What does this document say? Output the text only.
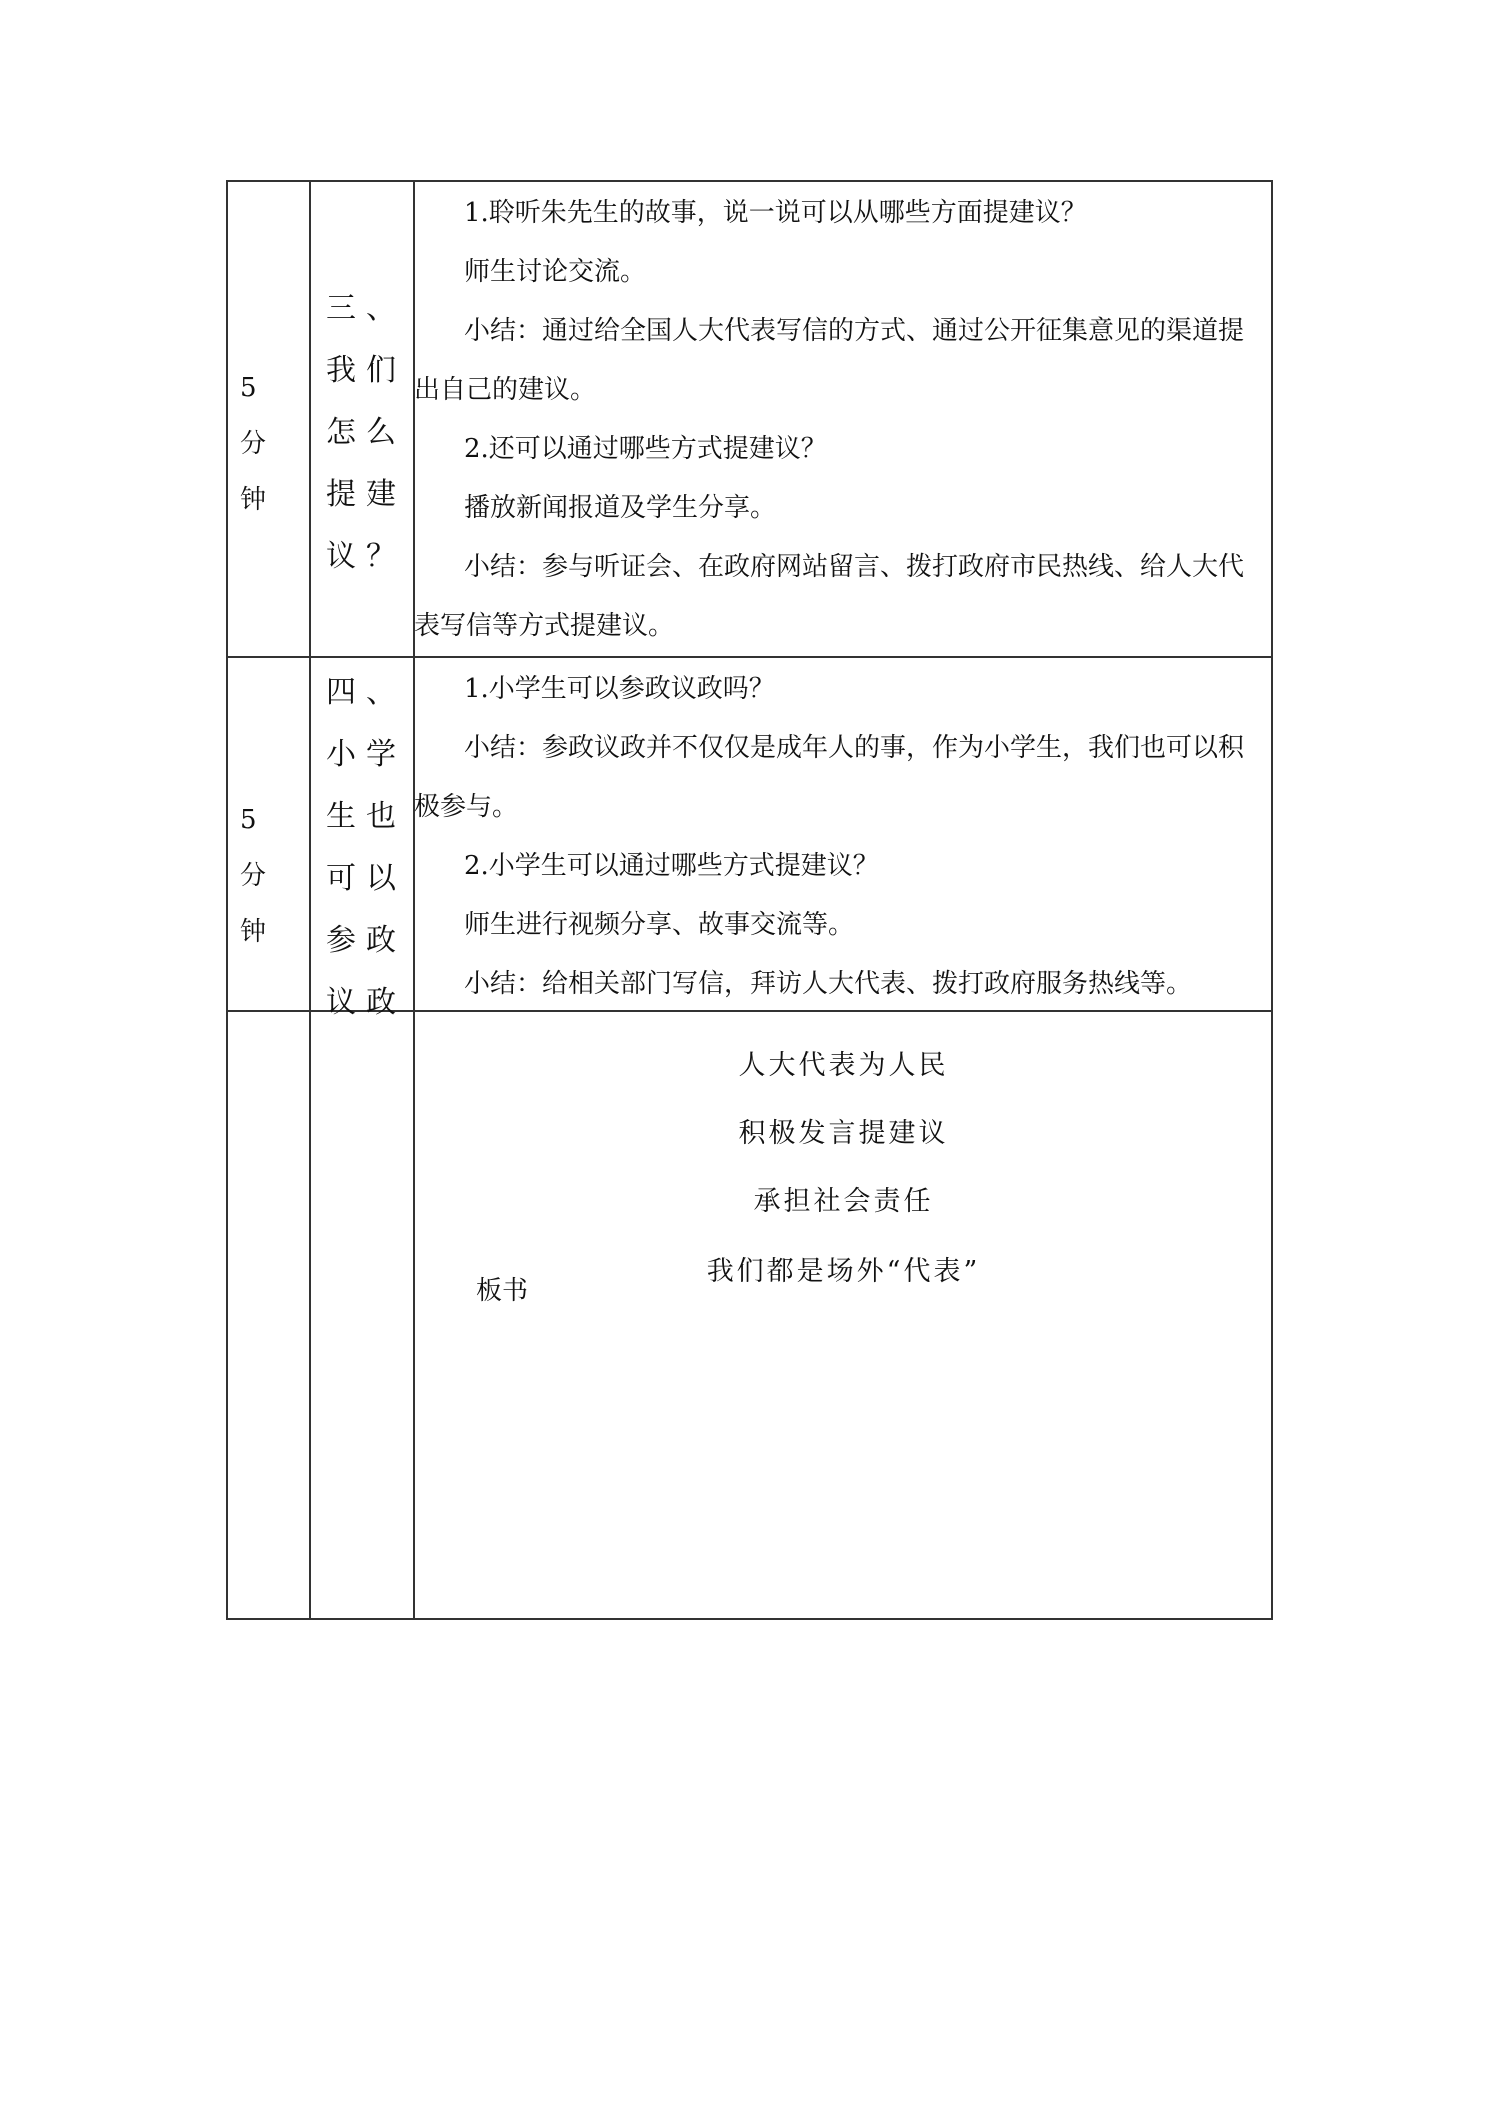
5 分钟
三、我们怎么提建议？

1.聆听朱先生的故事，说一说可以从哪些方面提建议？

师生讨论交流。

小结：通过给全国人大代表写信的方式、通过公开征集意见的渠道提出自己的建议。

2.还可以通过哪些方式提建议？

播放新闻报道及学生分享。

小结：参与听证会、在政府网站留言、拨打政府市民热线、给人大代表写信等方式提建议。

5 分钟
四、小学生也可以参政议政

1.小学生可以参政议政吗？

小结：参政议政并不仅仅是成年人的事，作为小学生，我们也可以积极参与。

2.小学生可以通过哪些方式提建议？

师生进行视频分享、故事交流等。

小结：给相关部门写信，拜访人大代表、拨打政府服务热线等。

人大代表为人民
积极发言提建议
承担社会责任
我们都是场外“代表”
板书
